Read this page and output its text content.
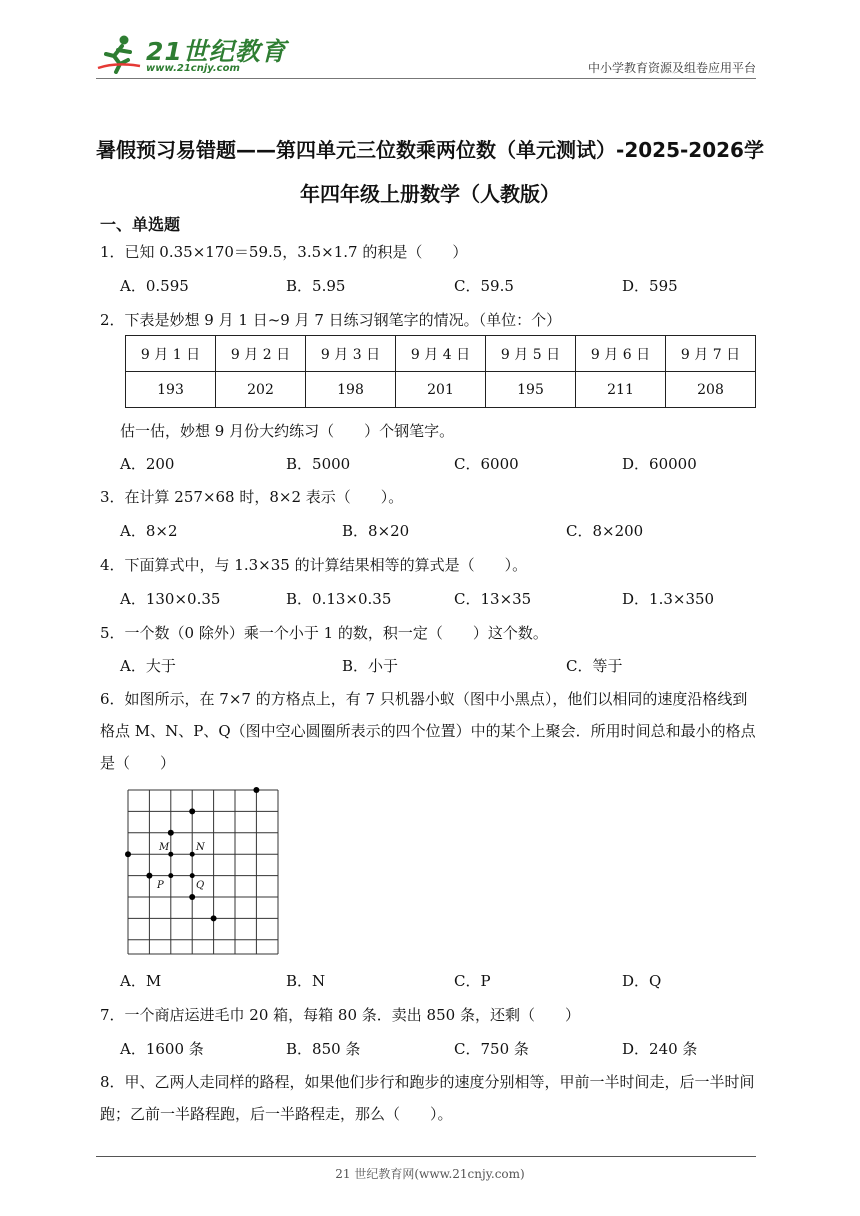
21世纪教育
www.21cnjy.com	中小学教育资源及组卷应用平台
暑假预习易错题——第四单元三位数乘两位数（单元测试）-2025-2026学
年四年级上册数学（人教版）
一、单选题
1．已知 0.35×170＝59.5，3.5×1.7 的积是（　　）
A．0.595	B．5.95	C．59.5	D．595
2．下表是妙想 9 月 1 日~9 月 7 日练习钢笔字的情况。（单位：个）
9 月 1 日	9 月 2 日	9 月 3 日	9 月 4 日	9 月 5 日	9 月 6 日	9 月 7 日
193	202	198	201	195	211	208
估一估，妙想 9 月份大约练习（　　）个钢笔字。
A．200	B．5000	C．6000	D．60000
3．在计算 257×68 时，8×2 表示（　　）。
A．8×2	B．8×20	C．8×200
4．下面算式中，与 1.3×35 的计算结果相等的算式是（　　）。
A．130×0.35	B．0.13×0.35	C．13×35	D．1.3×350
5．一个数（0 除外）乘一个小于 1 的数，积一定（　　）这个数。
A．大于	B．小于	C．等于
6．如图所示，在 7×7 的方格点上，有 7 只机器小蚁（图中小黑点），他们以相同的速度沿格线到格点 M、N、P、Q（图中空心圆圈所表示的四个位置）中的某个上聚会．所用时间总和最小的格点是（　　）
M	N
P	Q
A．M	B．N	C．P	D．Q
7．一个商店运进毛巾 20 箱，每箱 80 条．卖出 850 条，还剩（　　）
A．1600 条	B．850 条	C．750 条	D．240 条
8．甲、乙两人走同样的路程，如果他们步行和跑步的速度分别相等，甲前一半时间走，后一半时间跑；乙前一半路程跑，后一半路程走，那么（　　）。
21 世纪教育网(www.21cnjy.com)
